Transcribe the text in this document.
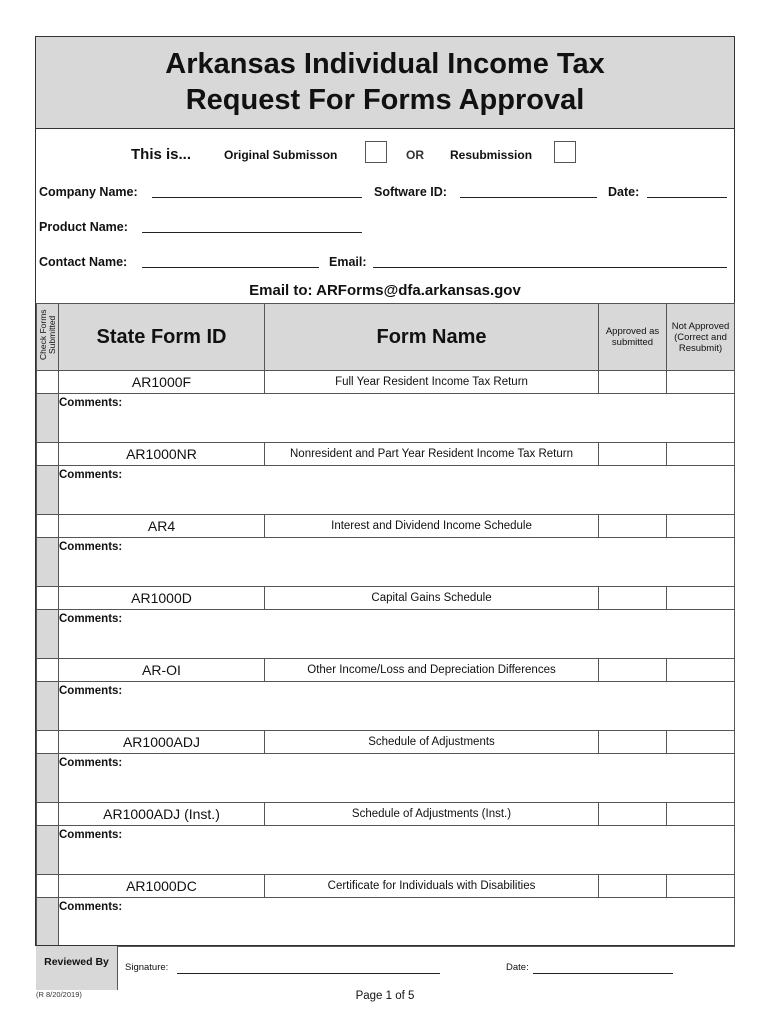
Arkansas Individual Income Tax
Request For Forms Approval
This is...	Original Submisson	OR Resubmission
Company Name:	Software ID:	Date:
Product Name:
Contact Name:	Email:
Email to: ARForms@dfa.arkansas.gov
Check Forms Submitted	State Form ID	Form Name	Approved as submitted	Not Approved (Correct and Resubmit)
	AR1000F	Full Year Resident Income Tax Return		
	Comments:			
	AR1000NR	Nonresident and Part Year Resident Income Tax Return		
	Comments:			
	AR4	Interest and Dividend Income Schedule		
	Comments:			
	AR1000D	Capital Gains Schedule		
	Comments:			
	AR-OI	Other Income/Loss and Depreciation Differences		
	Comments:			
	AR1000ADJ	Schedule of Adjustments		
	Comments:			
	AR1000ADJ (Inst.)	Schedule of Adjustments (Inst.)		
	Comments:			
	AR1000DC	Certificate for Individuals with Disabilities		
	Comments:			
Reviewed By	Signature:	Date:
(R 8/20/2019)	Page 1 of 5
